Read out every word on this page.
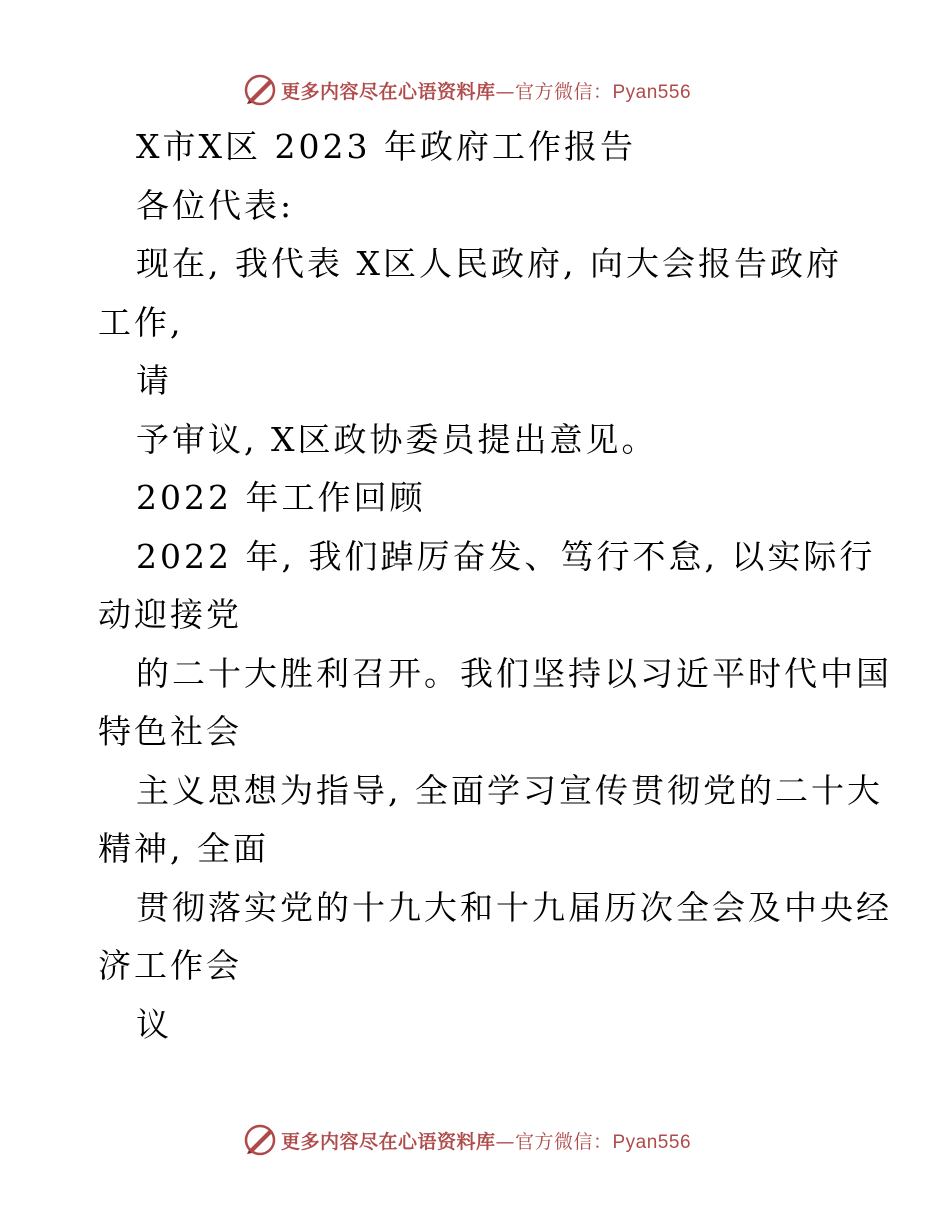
更多内容尽在心语资料库—官方微信：Pyan556
X市X区 2023 年政府工作报告
各位代表:
现在, 我代表 X区人民政府, 向大会报告政府
工作,
请
予审议, X区政协委员提出意见。
2022 年工作回顾
2022 年, 我们踔厉奋发、笃行不怠, 以实际行
动迎接党
的二十大胜利召开。我们坚持以习近平时代中国
特色社会
主义思想为指导, 全面学习宣传贯彻党的二十大
精神, 全面
贯彻落实党的十九大和十九届历次全会及中央经
济工作会
议
更多内容尽在心语资料库—官方微信：Pyan556
